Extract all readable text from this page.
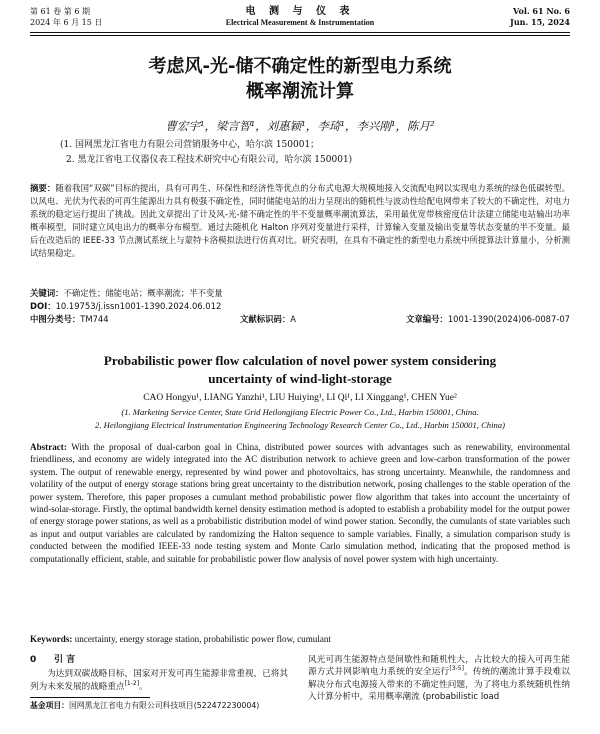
第 61 卷 第 6 期
2024 年 6 月 15 日
电 测 与 仪 表
Electrical Measurement & Instrumentation
Vol. 61 No. 6
Jun. 15, 2024
考虑风-光-储不确定性的新型电力系统
概率潮流计算
曹宏宇¹，梁言智¹，刘惠颖¹，李琦¹，李兴刚¹，陈月²
(1. 国网黑龙江省电力有限公司营销服务中心，哈尔滨 150001；
2. 黑龙江省电工仪器仪表工程技术研究中心有限公司，哈尔滨 150001)
摘要：随着我国“双碳”目标的提出，具有可再生、环保性和经济性等优点的分布式电源大规模地接入交流配电网以实现电力系统的绿色低碳转型。以风电、光伏为代表的可再生能源出力具有极强不确定性，同时储能电站的出力呈现出的随机性与波动性给配电网带来了较大的不确定性，对电力系统的稳定运行提出了挑战。因此文章提出了计及风-光-储不确定性的半不变量概率潮流算法，采用最优宽带核密度估计法建立储能电站输出功率概率模型，同时建立风电出力的概率分布模型。通过去随机化 Halton 序列对变量进行采样，计算输入变量及输出变量等状态变量的半不变量。最后在改造后的 IEEE-33 节点测试系统上与蒙特卡洛模拟法进行仿真对比。研究表明，在具有不确定性的新型电力系统中所提算法计算量小，分析测试结果稳定。
关键词：不确定性；储能电站；概率潮流；半不变量
DOI：10.19753/j.issn1001-1390.2024.06.012
中图分类号：TM744	文献标识码：A	文章编号：1001-1390(2024)06-0087-07
Probabilistic power flow calculation of novel power system considering
uncertainty of wind-light-storage
CAO Hongyu¹, LIANG Yanzhi¹, LIU Huiying¹, LI Qi¹, LI Xinggang¹, CHEN Yue²
(1. Marketing Service Center, State Grid Heilongjiang Electric Power Co., Ltd., Harbin 150001, China.
2. Heilongjiang Electrical Instrumentation Engineering Technology Research Center Co., Ltd., Harbin 150001, China)
Abstract: With the proposal of dual-carbon goal in China, distributed power sources with advantages such as renewability, environmental friendliness, and economy are widely integrated into the AC distribution network to achieve green and low-carbon transformation of the power system. The output of renewable energy, represented by wind power and photovoltaics, has strong uncertainty. Meanwhile, the randomness and volatility of the output of energy storage stations bring great uncertainty to the distribution network, posing challenges to the stable operation of the power system. Therefore, this paper proposes a cumulant method probabilistic power flow algorithm that takes into account the uncertainty of wind-solar-storage. Firstly, the optimal bandwidth kernel density estimation method is adopted to establish a probability model for the output power of energy storage power stations, as well as a probabilistic distribution model of wind power station. Secondly, the cumulants of state variables such as input and output variables are calculated by randomizing the Halton sequence to sample variables. Finally, a simulation comparison study is conducted between the modified IEEE-33 node testing system and Monte Carlo simulation method, indicating that the proposed method is computationally efficient, stable, and suitable for probabilistic power flow analysis of novel power system with high uncertainty.
Keywords: uncertainty, energy storage station, probabilistic power flow, cumulant
0 引 言
为达到双碳战略目标，国家对开发可再生能源非常重视，已将其列为未来发展的战略重点[1-2]。
风光可再生能源特点是间歇性和随机性大，占比较大的接入可再生能源方式并网影响电力系统的安全运行[3-5]。传统的潮流计算手段难以解决分布式电源接入带来的不确定性问题，为了将电力系统随机性纳入计算分析中，采用概率潮流 (probabilistic load
基金项目：国网黑龙江省电力有限公司科技项目(522472230004)
